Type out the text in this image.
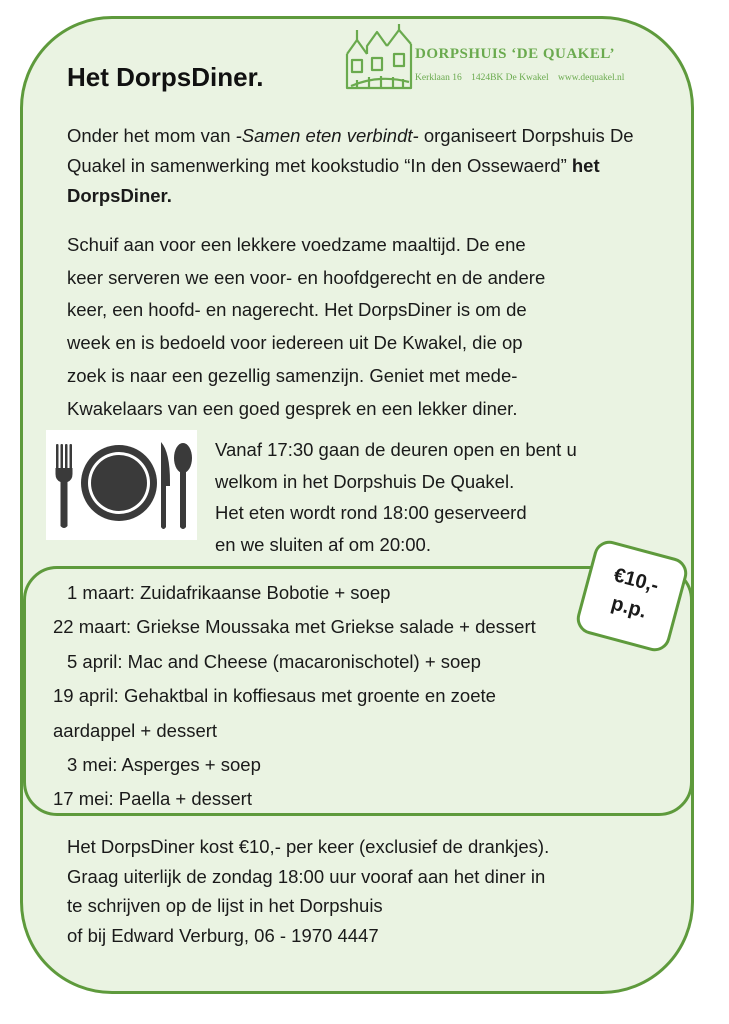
DORPSHUIS ‘DE QUAKEL’
Kerklaan 16 1424BK De Kwakel www.dequakel.nl
Het DorpsDiner.
Onder het mom van -Samen eten verbindt- organiseert Dorpshuis De Quakel in samenwerking met kookstudio “In den Ossewaerd” het DorpsDiner.

Schuif aan voor een lekkere voedzame maaltijd. De ene

keer serveren we een voor- en hoofdgerecht en de andere

keer, een hoofd- en nagerecht. Het DorpsDiner is om de

week en is bedoeld voor iedereen uit De Kwakel, die op

zoek is naar een gezellig samenzijn. Geniet met mede-

Kwakelaars van een goed gesprek en een lekker diner.

Vanaf 17:30 gaan de deuren open en bent u

welkom in het Dorpshuis De Quakel.

Het eten wordt rond 18:00 geserveerd

en we sluiten af om 20:00.

1 maart: Zuidafrikaanse Bobotie + soep
22 maart: Griekse Moussaka met Griekse salade + dessert
5 april: Mac and Cheese (macaronischotel) + soep
19 april: Gehaktbal in koffiesaus met groente en zoete
aardappel + dessert
3 mei: Asperges + soep
17 mei: Paella + dessert
€10,-
p.p.

Het DorpsDiner kost €10,- per keer (exclusief de drankjes).

Graag uiterlijk de zondag 18:00 uur vooraf aan het diner in

te schrijven op de lijst in het Dorpshuis

of bij Edward Verburg, 06 - 1970 4447
